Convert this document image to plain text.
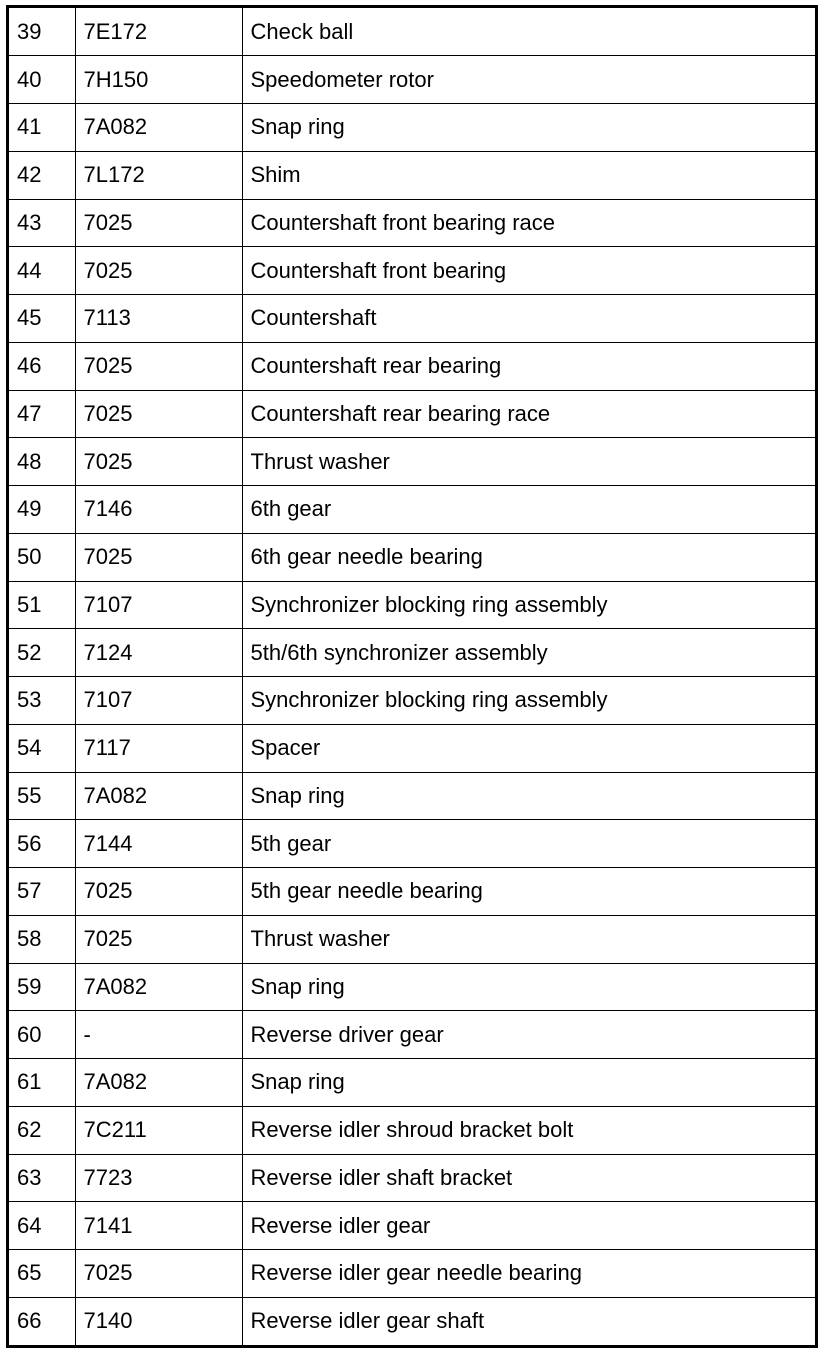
39	7E172	Check ball
40	7H150	Speedometer rotor
41	7A082	Snap ring
42	7L172	Shim
43	7025	Countershaft front bearing race
44	7025	Countershaft front bearing
45	7113	Countershaft
46	7025	Countershaft rear bearing
47	7025	Countershaft rear bearing race
48	7025	Thrust washer
49	7146	6th gear
50	7025	6th gear needle bearing
51	7107	Synchronizer blocking ring assembly
52	7124	5th/6th synchronizer assembly
53	7107	Synchronizer blocking ring assembly
54	7117	Spacer
55	7A082	Snap ring
56	7144	5th gear
57	7025	5th gear needle bearing
58	7025	Thrust washer
59	7A082	Snap ring
60	-	Reverse driver gear
61	7A082	Snap ring
62	7C211	Reverse idler shroud bracket bolt
63	7723	Reverse idler shaft bracket
64	7141	Reverse idler gear
65	7025	Reverse idler gear needle bearing
66	7140	Reverse idler gear shaft
